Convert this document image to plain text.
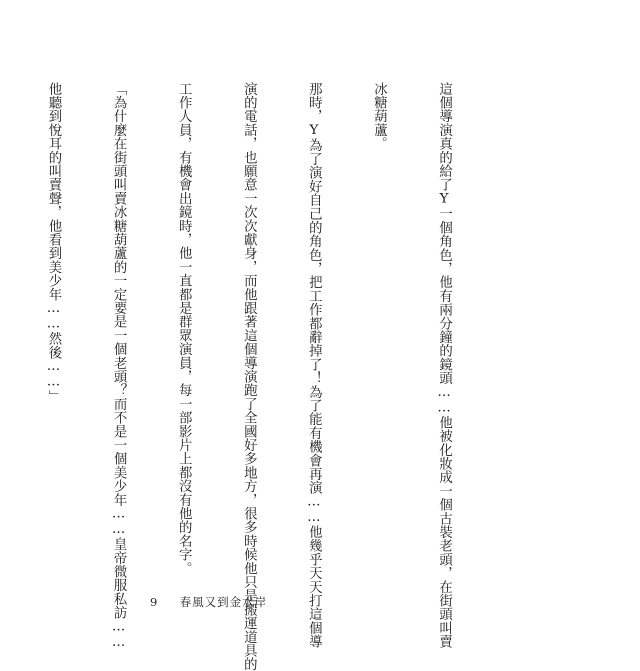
這個導演真的給了Y一個角色，他有兩分鐘的鏡頭……他被化妝成一個古裝老頭，在街頭叫賣

冰糖葫蘆。

那時，Y為了演好自己的角色，把工作都辭掉了！為了能有機會再演……他幾乎天天打這個導

演的電話，也願意一次次獻身，而他跟著這個導演跑了全國好多地方，很多時候他只是搬運道具的

工作人員，有機會出鏡時，他一直都是群眾演員，每一部影片上都沒有他的名字。

「為什麼在街頭叫賣冰糖葫蘆的一定要是一個老頭？而不是一個美少年……皇帝微服私訪……

他聽到悅耳的叫賣聲，他看到美少年……然後……」

9 春風又到金水岸
